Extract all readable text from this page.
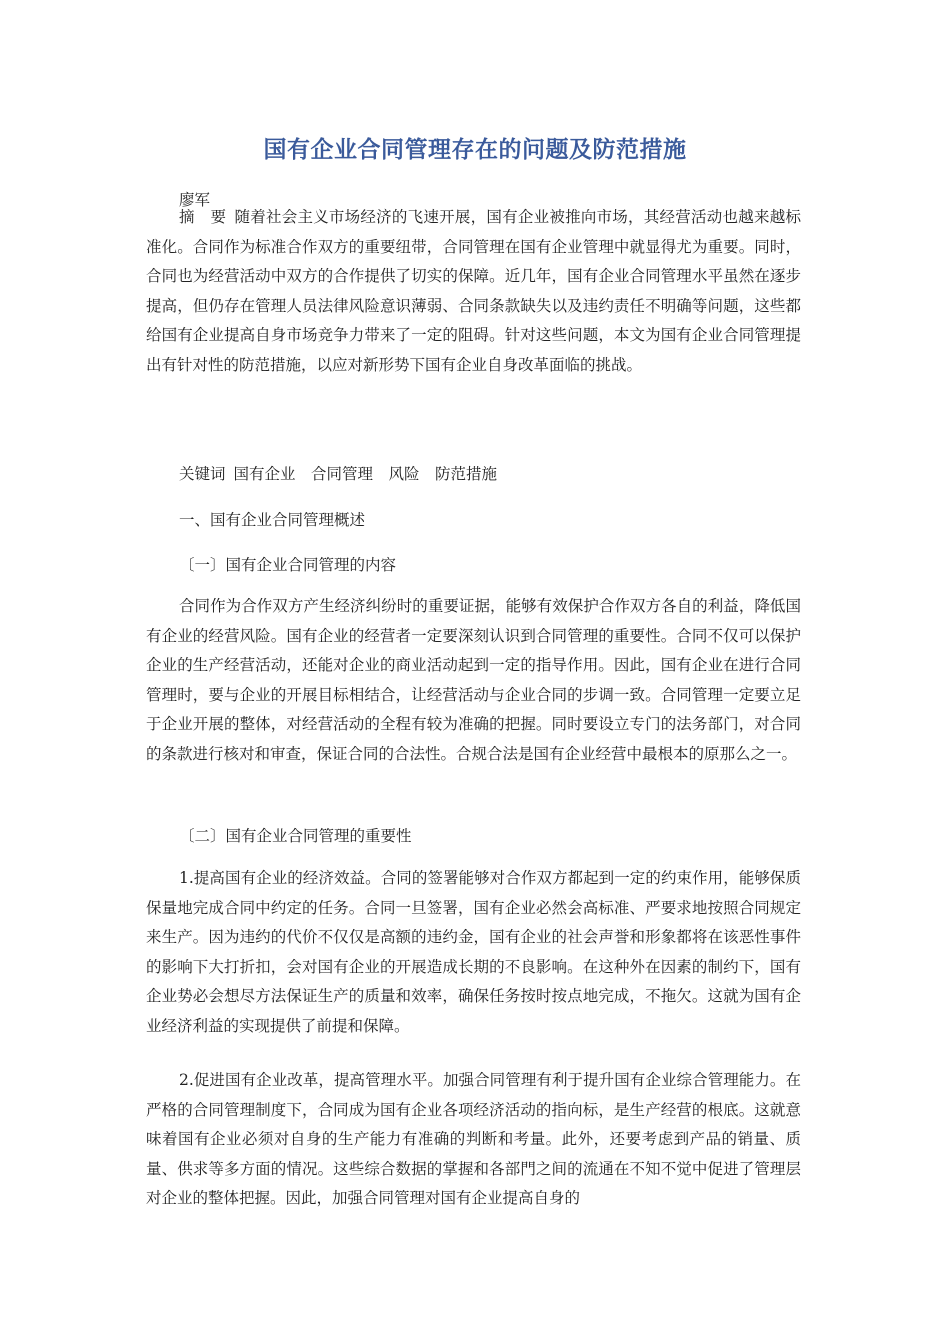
国有企业合同管理存在的问题及防范措施

廖军

摘　要 随着社会主义市场经济的飞速开展，国有企业被推向市场，其经营活动也越来越标准化。合同作为标准合作双方的重要纽带，合同管理在国有企业管理中就显得尤为重要。同时，合同也为经营活动中双方的合作提供了切实的保障。近几年，国有企业合同管理水平虽然在逐步提高，但仍存在管理人员法律风险意识薄弱、合同条款缺失以及违约责任不明确等问题，这些都给国有企业提高自身市场竞争力带来了一定的阻碍。针对这些问题，本文为国有企业合同管理提出有针对性的防范措施，以应对新形势下国有企业自身改革面临的挑战。

关键词 国有企业　合同管理　风险　防范措施

一、国有企业合同管理概述

〔一〕国有企业合同管理的内容

合同作为合作双方产生经济纠纷时的重要证据，能够有效保护合作双方各自的利益，降低国有企业的经营风险。国有企业的经营者一定要深刻认识到合同管理的重要性。合同不仅可以保护企业的生产经营活动，还能对企业的商业活动起到一定的指导作用。因此，国有企业在进行合同管理时，要与企业的开展目标相结合，让经营活动与企业合同的步调一致。合同管理一定要立足于企业开展的整体，对经营活动的全程有较为准确的把握。同时要设立专门的法务部门，对合同的条款进行核对和审查，保证合同的合法性。合规合法是国有企业经营中最根本的原那么之一。

〔二〕国有企业合同管理的重要性

1.提高国有企业的经济效益。合同的签署能够对合作双方都起到一定的约束作用，能够保质保量地完成合同中约定的任务。合同一旦签署，国有企业必然会高标准、严要求地按照合同规定来生产。因为违约的代价不仅仅是高额的违约金，国有企业的社会声誉和形象都将在该恶性事件的影响下大打折扣，会对国有企业的开展造成长期的不良影响。在这种外在因素的制约下，国有企业势必会想尽方法保证生产的质量和效率，确保任务按时按点地完成，不拖欠。这就为国有企业经济利益的实现提供了前提和保障。

2.促进国有企业改革，提高管理水平。加强合同管理有利于提升国有企业综合管理能力。在严格的合同管理制度下，合同成为国有企业各项经济活动的指向标，是生产经营的根底。这就意味着国有企业必须对自身的生产能力有准确的判断和考量。此外，还要考虑到产品的销量、质量、供求等多方面的情况。这些综合数据的掌握和各部門之间的流通在不知不觉中促进了管理层对企业的整体把握。因此，加强合同管理对国有企业提高自身的
